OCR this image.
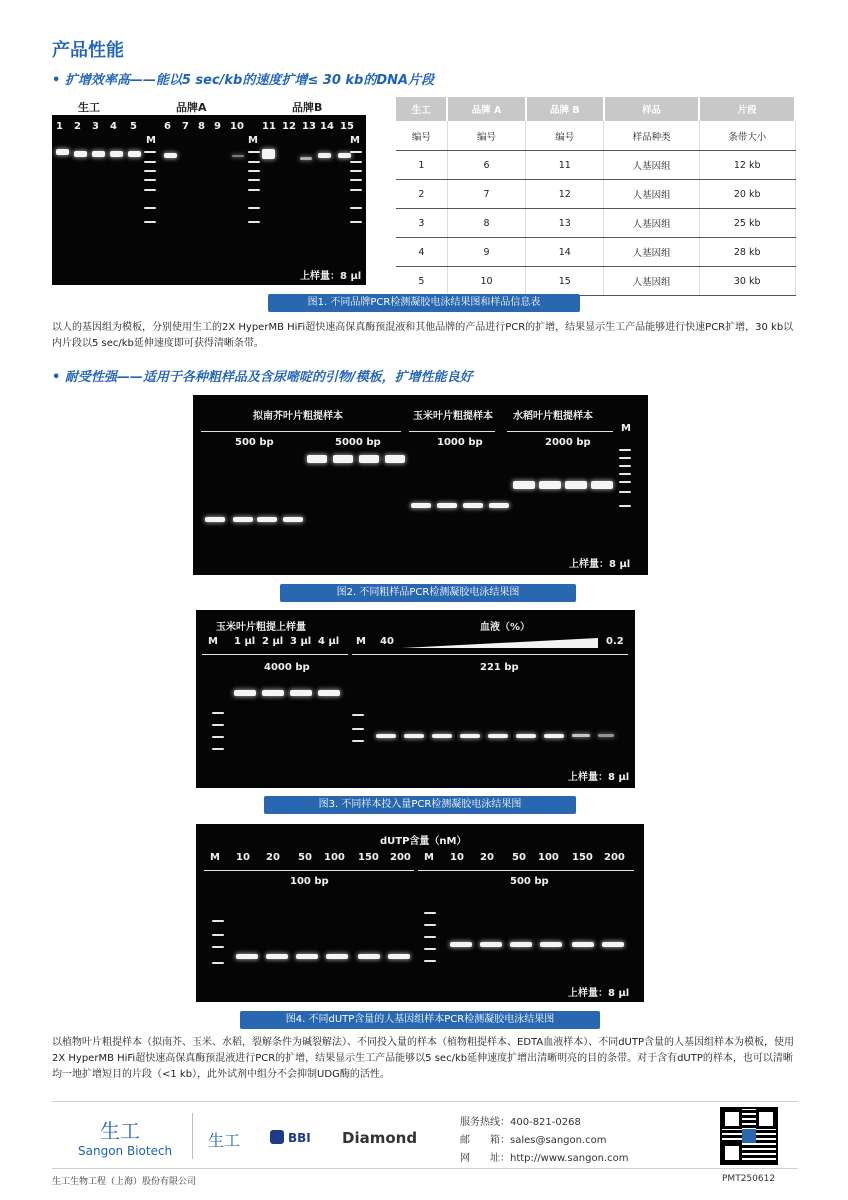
产品性能
• 扩增效率高——能以5 sec/kb的速度扩增≤ 30 kb的DNA片段
生工	品牌A	品牌B
1 2 3 4 5
M
6 7 8 9 10
M
11 12 13 14 15
M
上样量：8 μl
生工	品牌 A	品牌 B	样品	片段
编号	编号	编号	样品种类	条带大小
1	6	11	人基因组	12 kb
2	7	12	人基因组	20 kb
3	8	13	人基因组	25 kb
4	9	14	人基因组	28 kb
5	10	15	人基因组	30 kb
图1. 不同品牌PCR检测凝胶电泳结果图和样品信息表
以人的基因组为模板，分别使用生工的2X HyperMB HiFi超快速高保真酶预混液和其他品牌的产品进行PCR的扩增，结果显示生工产品能够进行快速PCR扩增，30 kb以内片段以5 sec/kb延伸速度即可获得清晰条带。
• 耐受性强——适用于各种粗样品及含尿嘧啶的引物/模板，扩增性能良好
拟南芥叶片粗提样本	玉米叶片粗提样本 水稻叶片粗提样本
M
500 bp	5000 bp	1000 bp	2000 bp
上样量：8 μl
图2. 不同粗样品PCR检测凝胶电泳结果图
玉米叶片粗提上样量	血液（%）
M 1 μl 2 μl 3 μl 4 μl M 40	0.2
4000 bp	221 bp
上样量：8 μl
图3. 不同样本投入量PCR检测凝胶电泳结果图
dUTP含量（nM）
M 10 20 50 100 150 200 M 10 20 50 100 150 200
100 bp	500 bp
上样量：8 μl
图4. 不同dUTP含量的人基因组样本PCR检测凝胶电泳结果图
以植物叶片粗提样本（拟南芥、玉米、水稻，裂解条件为碱裂解法）、不同投入量的样本（植物粗提样本、EDTA血液样本）、不同dUTP含量的人基因组样本为模板，使用2X HyperMB HiFi超快速高保真酶预混液进行PCR的扩增，结果显示生工产品能够以5 sec/kb延伸速度扩增出清晰明亮的目的条带。对于含有dUTP的样本，也可以清晰均一地扩增短目的片段（<1 kb），此外试剂中组分不会抑制UDG酶的活性。
生工
Sangon Biotech
生工	BBI Diamond
服务热线：400-821-0268
邮　　箱：sales@sangon.com
网　　址：http://www.sangon.com
生工生物工程（上海）股份有限公司	PMT250612
